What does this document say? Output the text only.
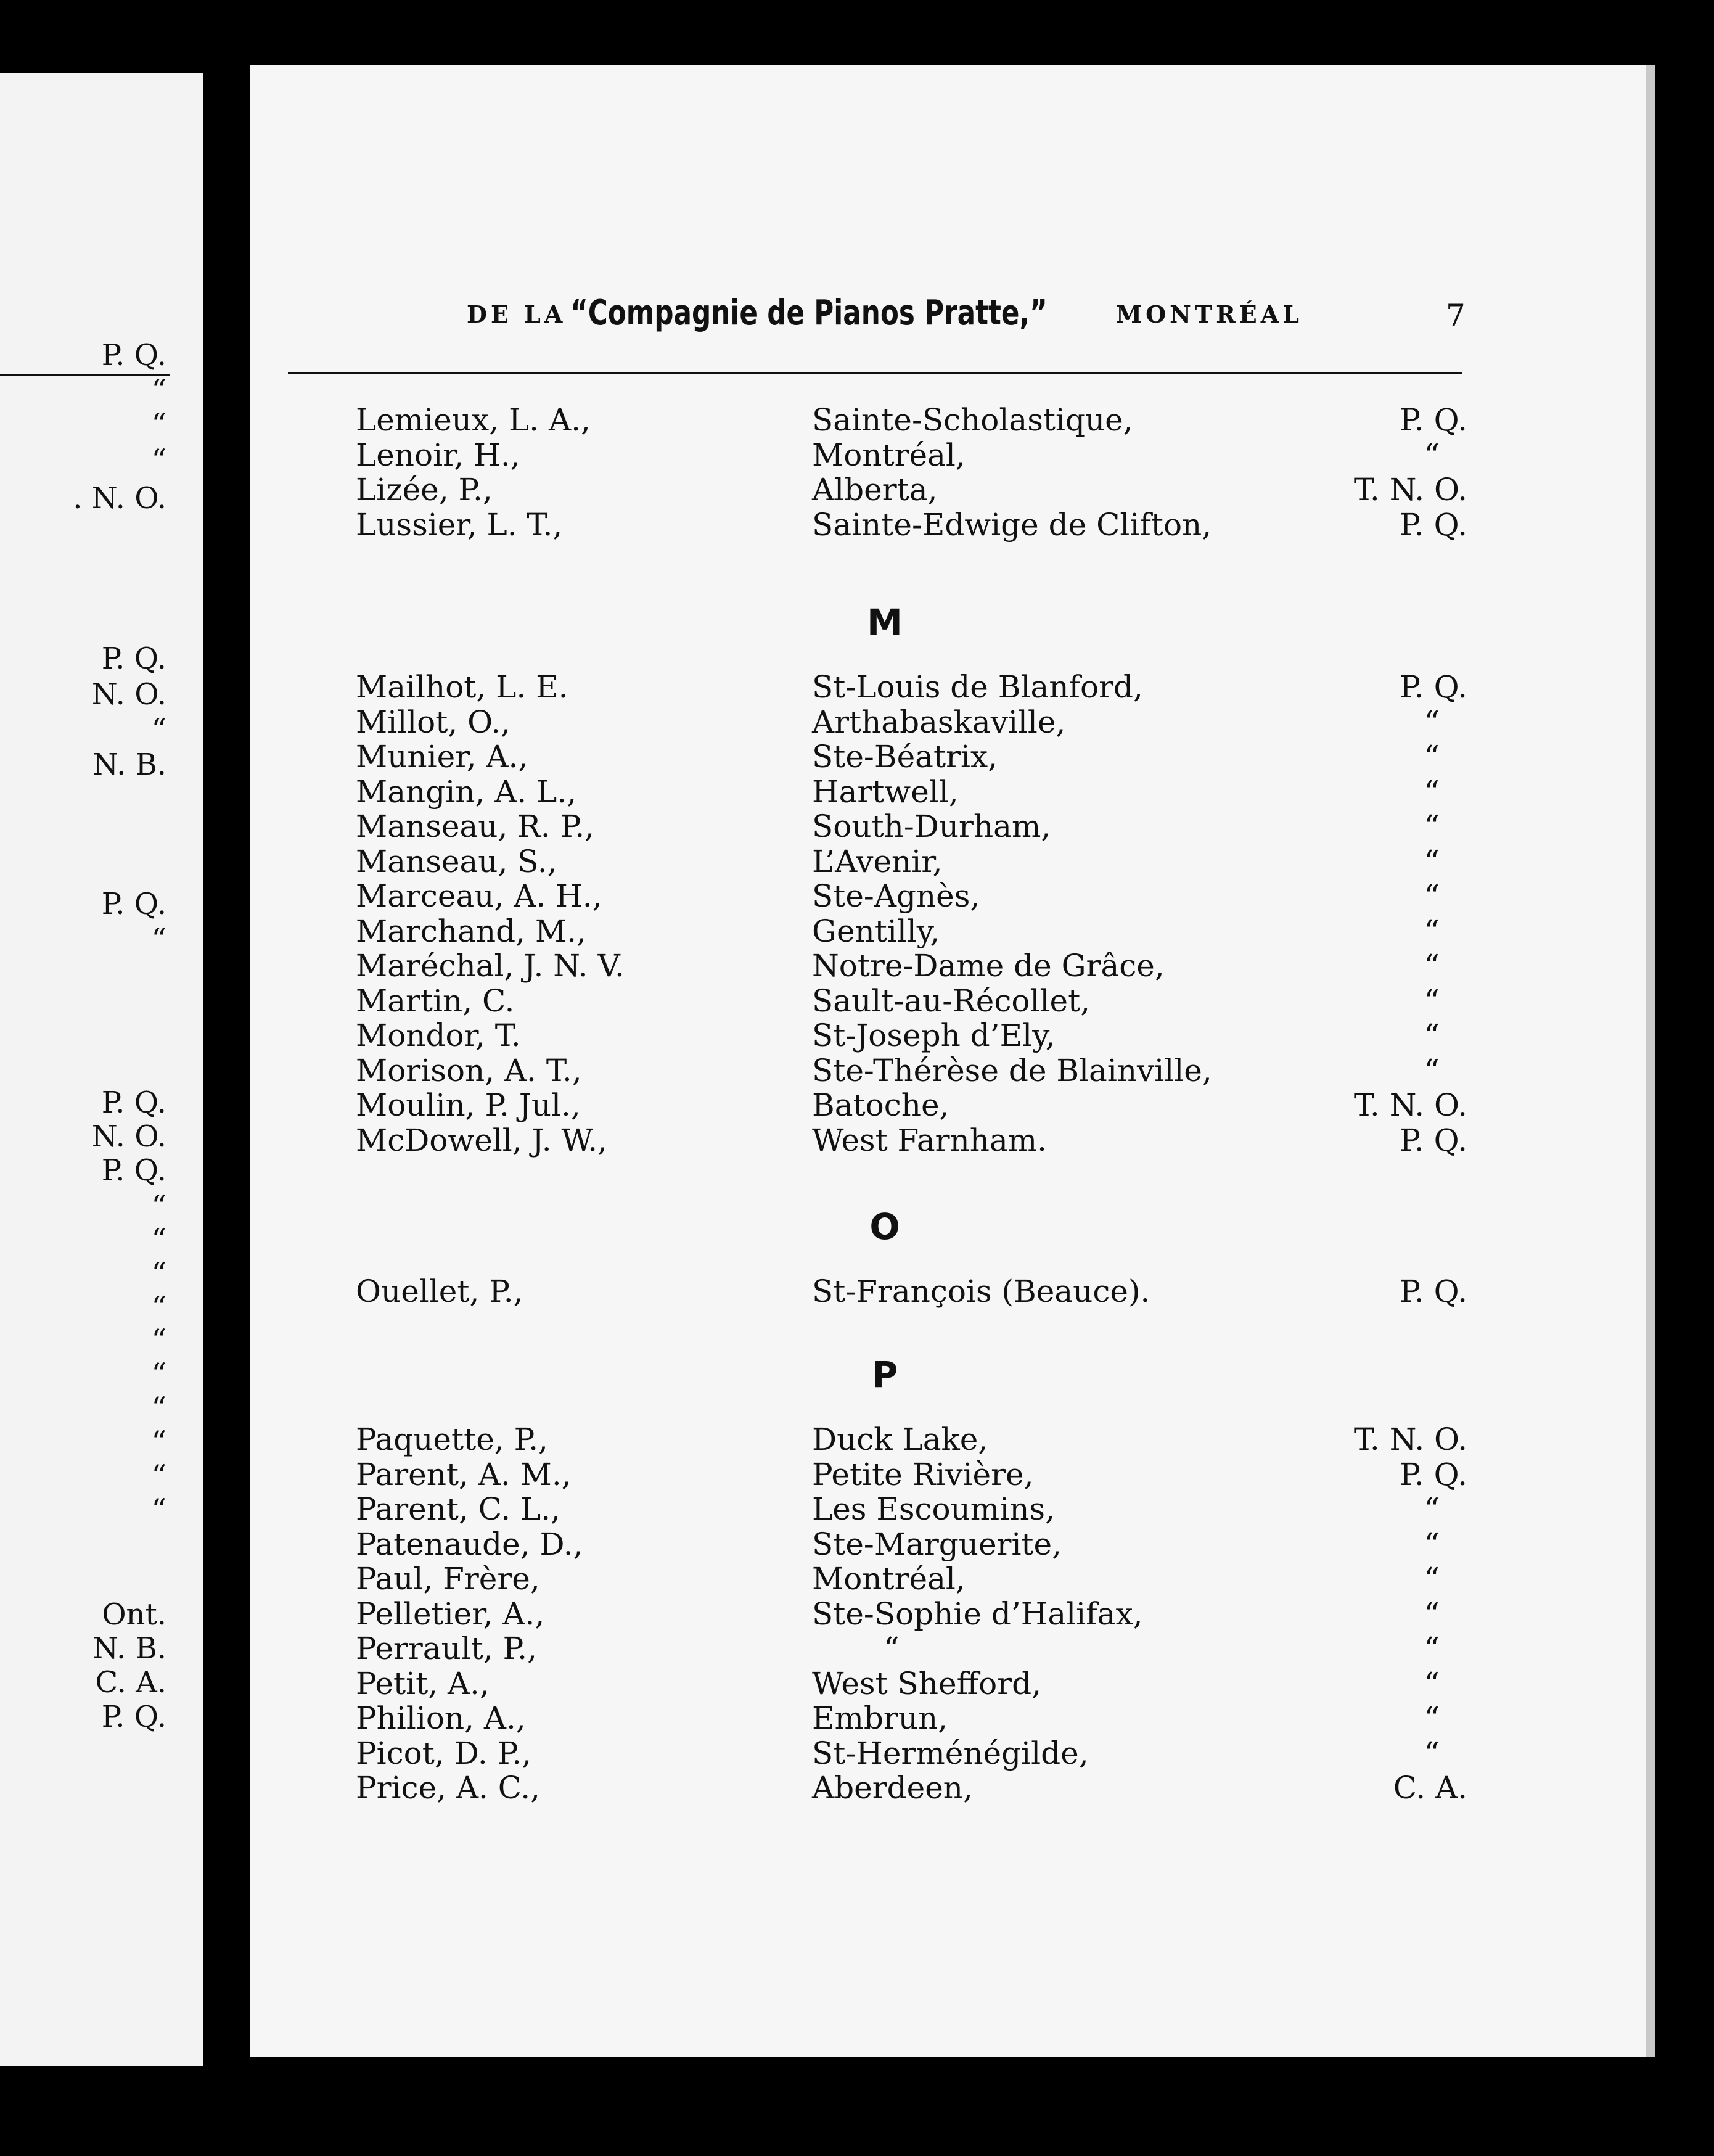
P. Q.
“
“
“
. N. O.
P. Q.
N. O.
“
N. B.
P. Q.
“
P. Q.
N. O.
P. Q.
“
“
“
“
“
“
“
“
“
“
Ont.
N. B.
C. A.
P. Q.
DE LA “Compagnie de Pianos Pratte,”	MONTRÉAL	7
Lemieux, L. A.,	Sainte-Scholastique,	P. Q.
Lenoir, H.,	Montréal,	“
Lizée, P.,	Alberta,	T. N. O.
Lussier, L. T.,	Sainte-Edwige de Clifton,	P. Q.
M
Mailhot, L. E.	St-Louis de Blanford,	P. Q.
Millot, O.,	Arthabaskaville,	“
Munier, A.,	Ste-Béatrix,	“
Mangin, A. L.,	Hartwell,	“
Manseau, R. P.,	South-Durham,	“
Manseau, S.,	L’Avenir,	“
Marceau, A. H.,	Ste-Agnès,	“
Marchand, M.,	Gentilly,	“
Maréchal, J. N. V.	Notre-Dame de Grâce,	“
Martin, C.	Sault-au-Récollet,	“
Mondor, T.	St-Joseph d’Ely,	“
Morison, A. T.,	Ste-Thérèse de Blainville,	“
Moulin, P. Jul.,	Batoche,	T. N. O.
McDowell, J. W.,	West Farnham.	P. Q.
O
Ouellet, P.,	St-François (Beauce).	P. Q.
P
Paquette, P.,	Duck Lake,	T. N. O.
Parent, A. M.,	Petite Rivière,	P. Q.
Parent, C. L.,	Les Escoumins,	“
Patenaude, D.,	Ste-Marguerite,	“
Paul, Frère,	Montréal,	“
Pelletier, A.,	Ste-Sophie d’Halifax,	“
Perrault, P.,	“	“
Petit, A.,	West Shefford,	“
Philion, A.,	Embrun,	“
Picot, D. P.,	St-Herménégilde,	“
Price, A. C.,	Aberdeen,	C. A.
